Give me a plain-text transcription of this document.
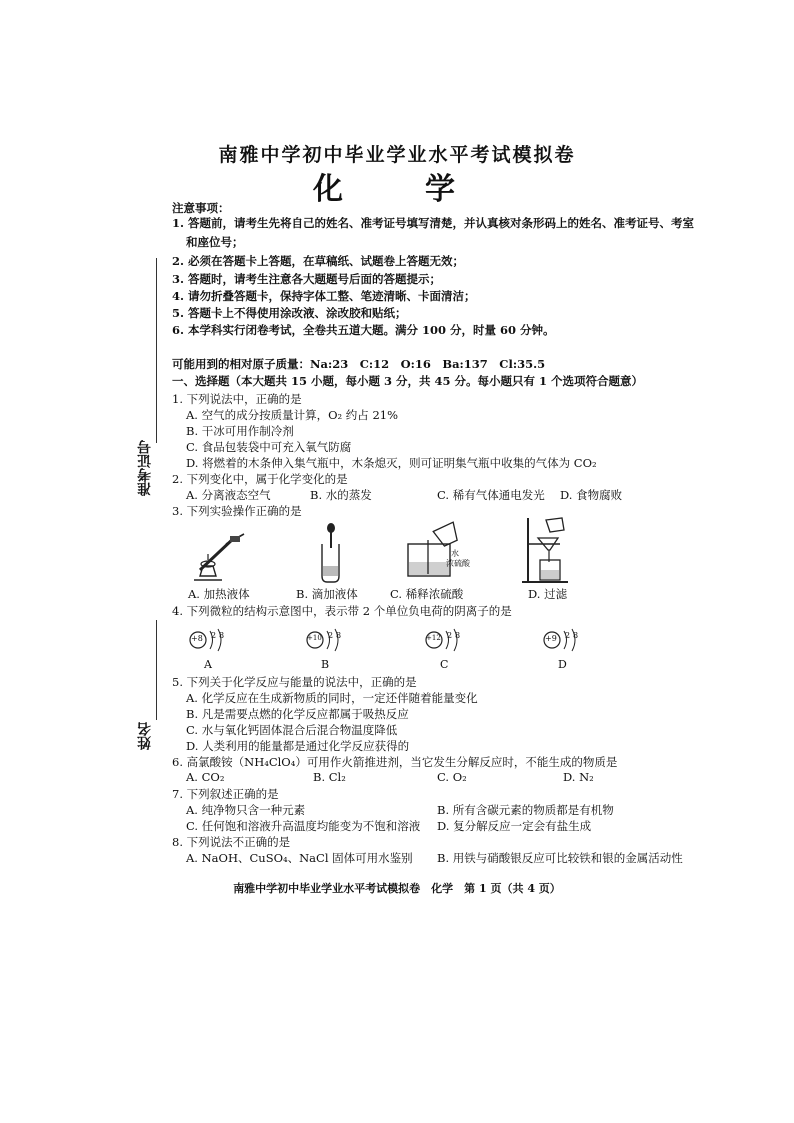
南雅中学初中毕业学业水平考试模拟卷
化　学
注意事项：
1. 答题前，请考生先将自己的姓名、准考证号填写清楚，并认真核对条形码上的姓名、准考证号、考室
和座位号；
2. 必须在答题卡上答题，在草稿纸、试题卷上答题无效；
3. 答题时，请考生注意各大题题号后面的答题提示；
4. 请勿折叠答题卡，保持字体工整、笔迹清晰、卡面清洁；
5. 答题卡上不得使用涂改液、涂改胶和贴纸；
6. 本学科实行闭卷考试，全卷共五道大题。满分 100 分，时量 60 分钟。
准考证号
姓名
可能用到的相对原子质量：Na:23　C:12　O:16　Ba:137　Cl:35.5
一、选择题（本大题共 15 小题，每小题 3 分，共 45 分。每小题只有 1 个选项符合题意）
1. 下列说法中，正确的是
A. 空气的成分按质量计算，O₂ 约占 21%
B. 干冰可用作制冷剂
C. 食品包装袋中可充入氧气防腐
D. 将燃着的木条伸入集气瓶中，木条熄灭，则可证明集气瓶中收集的气体为 CO₂
2. 下列变化中，属于化学变化的是
A. 分离液态空气	B. 水的蒸发	C. 稀有气体通电发光 D. 食物腐败
3. 下列实验操作正确的是
水
浓硫酸
A. 加热液体	B. 滴加液体	C. 稀释浓硫酸	D. 过滤
4. 下列微粒的结构示意图中，表示带 2 个单位负电荷的阴离子的是
+8 2 8
A
+10 2 8
B
+12 2 8
C
+9 2 8
D
5. 下列关于化学反应与能量的说法中，正确的是
A. 化学反应在生成新物质的同时，一定还伴随着能量变化
B. 凡是需要点燃的化学反应都属于吸热反应
C. 水与氧化钙固体混合后混合物温度降低
D. 人类利用的能量都是通过化学反应获得的
6. 高氯酸铵（NH₄ClO₄）可用作火箭推进剂，当它发生分解反应时，不能生成的物质是
A. CO₂	B. Cl₂	C. O₂	D. N₂
7. 下列叙述正确的是
A. 纯净物只含一种元素	B. 所有含碳元素的物质都是有机物
C. 任何饱和溶液升高温度均能变为不饱和溶液 D. 复分解反应一定会有盐生成
8. 下列说法不正确的是
A. NaOH、CuSO₄、NaCl 固体可用水鉴别 B. 用铁与硝酸银反应可比较铁和银的金属活动性
南雅中学初中毕业学业水平考试模拟卷　化学　第 1 页（共 4 页）
